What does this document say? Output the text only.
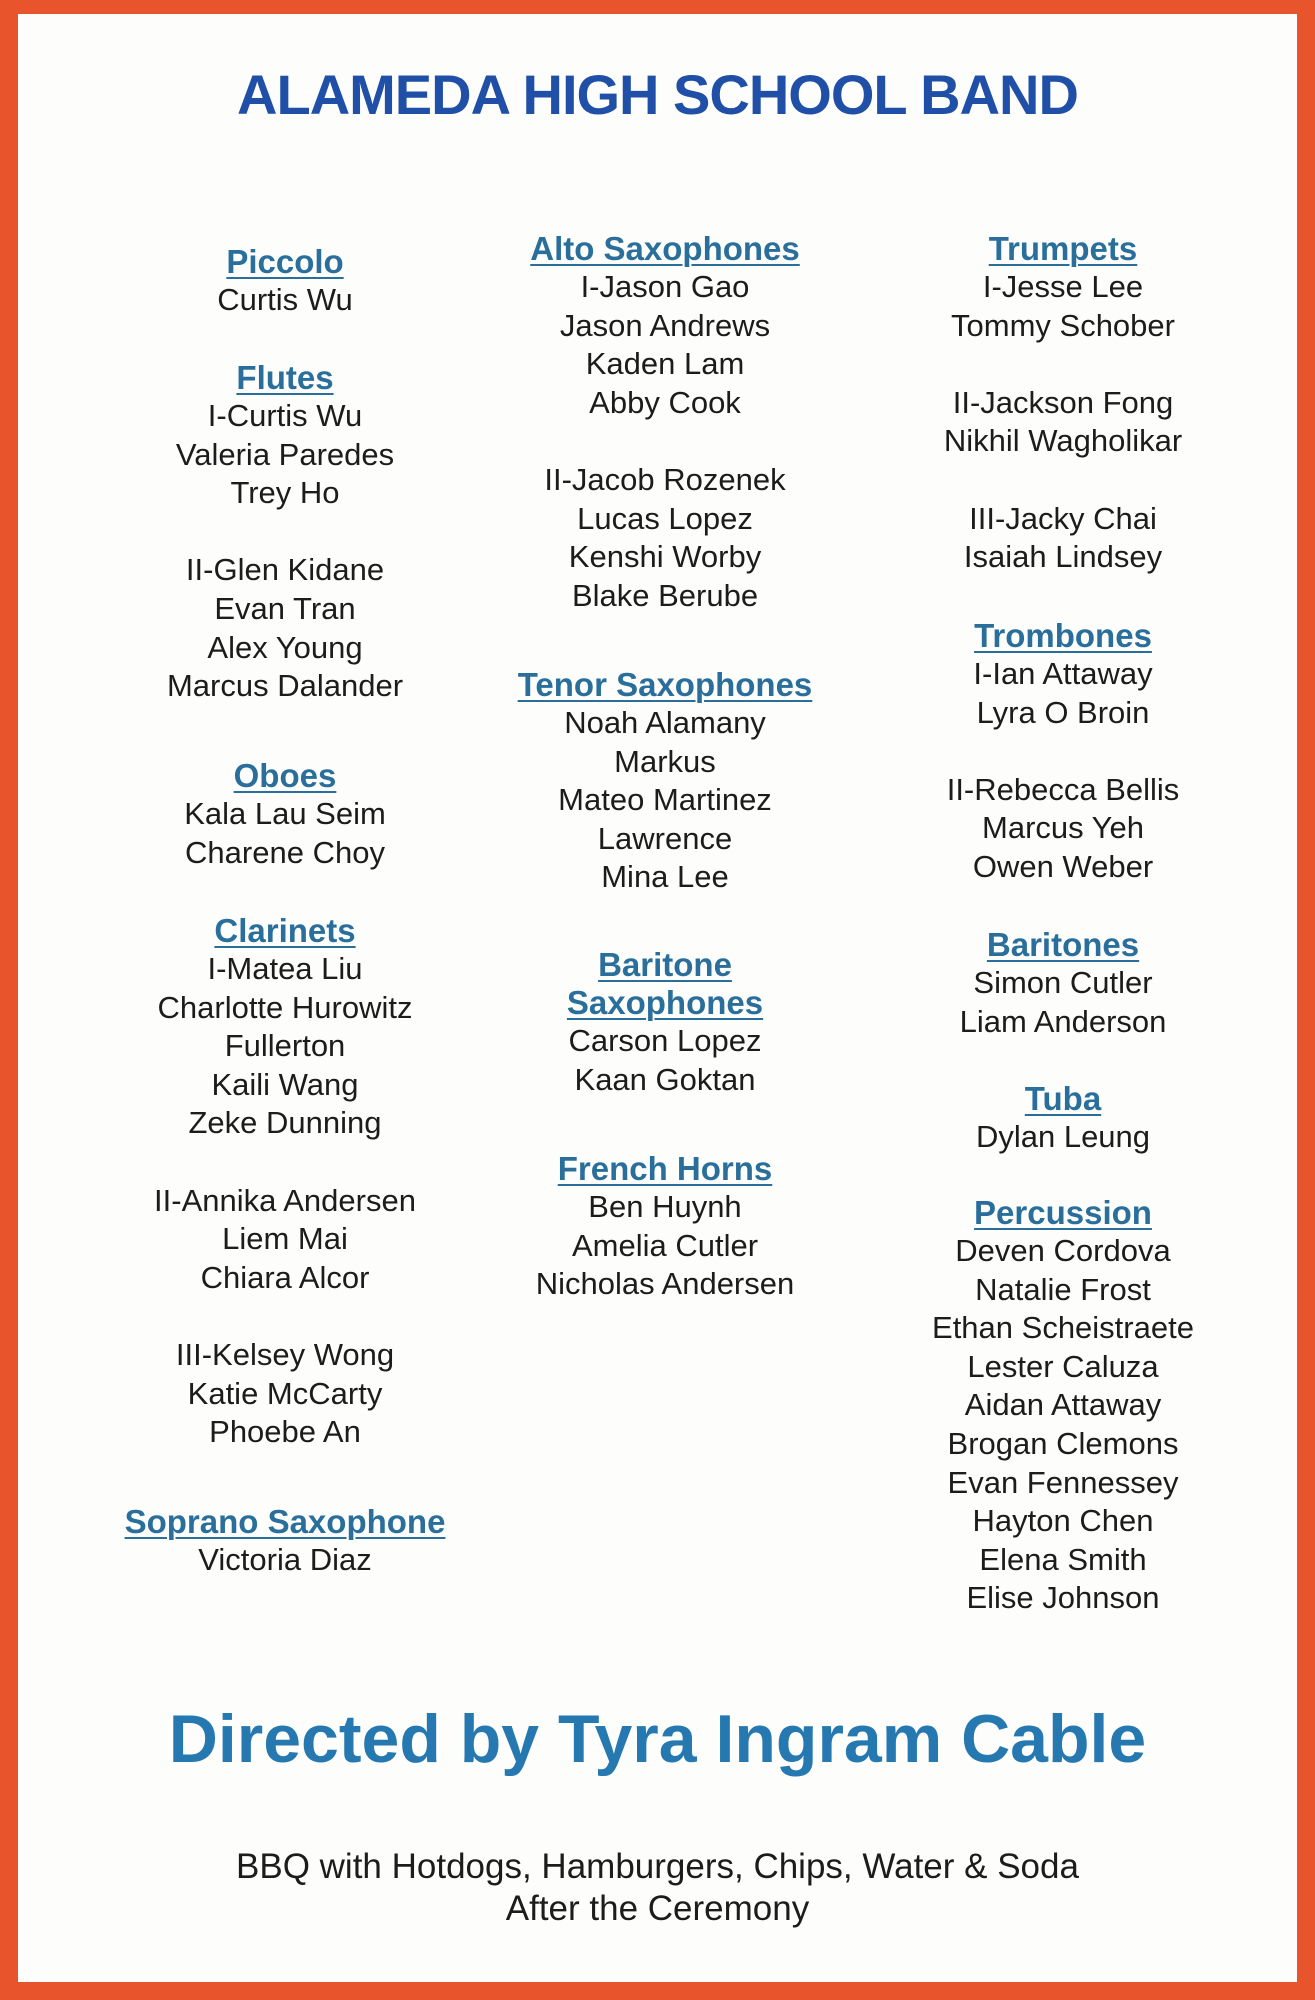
ALAMEDA HIGH SCHOOL BAND
Piccolo
Curtis Wu
Flutes
I-Curtis Wu
Valeria Paredes
Trey Ho
II-Glen Kidane
Evan Tran
Alex Young
Marcus Dalander
Oboes
Kala Lau Seim
Charene Choy
Clarinets
I-Matea Liu
Charlotte Hurowitz
Fullerton
Kaili Wang
Zeke Dunning
II-Annika Andersen
Liem Mai
Chiara Alcor
III-Kelsey Wong
Katie McCarty
Phoebe An
Soprano Saxophone
Victoria Diaz
Alto Saxophones
I-Jason Gao
Jason Andrews
Kaden Lam
Abby Cook
II-Jacob Rozenek
Lucas Lopez
Kenshi Worby
Blake Berube
Tenor Saxophones
Noah Alamany
Markus
Mateo Martinez
Lawrence
Mina Lee
Baritone Saxophones
Carson Lopez
Kaan Goktan
French Horns
Ben Huynh
Amelia Cutler
Nicholas Andersen
Trumpets
I-Jesse Lee
Tommy Schober
II-Jackson Fong
Nikhil Wagholikar
III-Jacky Chai
Isaiah Lindsey
Trombones
I-Ian Attaway
Lyra O Broin
II-Rebecca Bellis
Marcus Yeh
Owen Weber
Baritones
Simon Cutler
Liam Anderson
Tuba
Dylan Leung
Percussion
Deven Cordova
Natalie Frost
Ethan Scheistraete
Lester Caluza
Aidan Attaway
Brogan Clemons
Evan Fennessey
Hayton Chen
Elena Smith
Elise Johnson
Directed by Tyra Ingram Cable
BBQ with Hotdogs, Hamburgers, Chips, Water & Soda
After the Ceremony
